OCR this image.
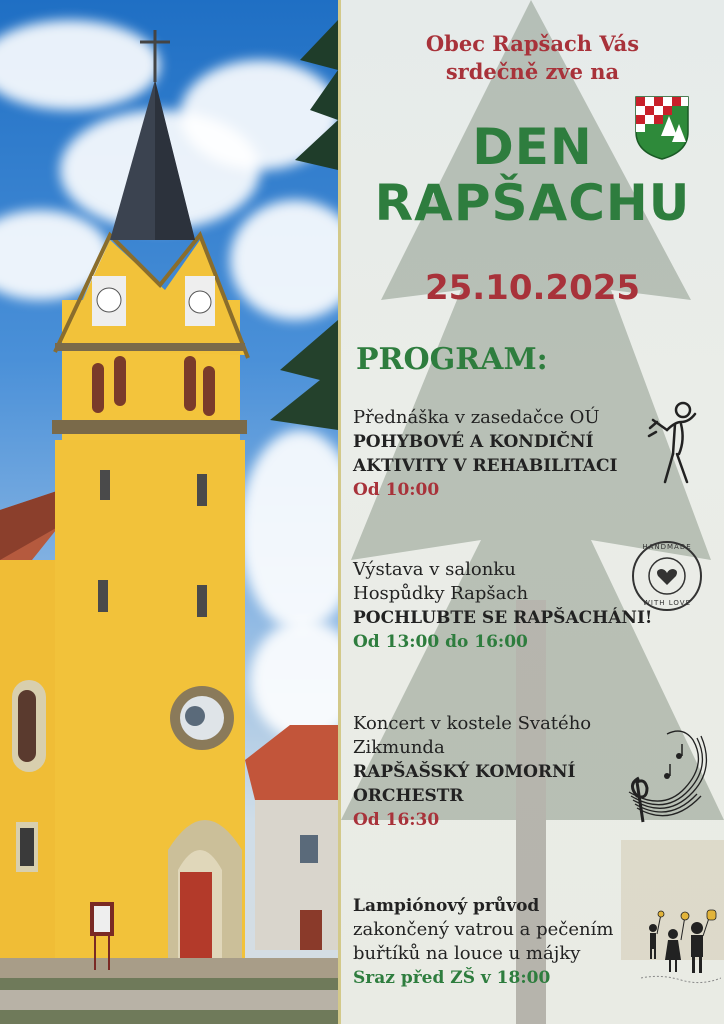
Obec Rapšach Vás
srdečně zve na
DEN
RAPŠACHU
25.10.2025
PROGRAM:
Přednáška v zasedačce OÚ
POHYBOVÉ A KONDIČNÍ
AKTIVITY V REHABILITACI
Od 10:00
Výstava v salonku
Hospůdky Rapšach
POCHLUBTE SE RAPŠACHÁNI!
Od 13:00 do 16:00
HANDMADE
WITH LOVE
Koncert v kostele Svatého
Zikmunda
RAPŠAŠSKÝ KOMORNÍ
ORCHESTR
Od 16:30
Lampiónový průvod
zakončený vatrou a pečením
buřtíků na louce u májky
Sraz před ZŠ v 18:00
